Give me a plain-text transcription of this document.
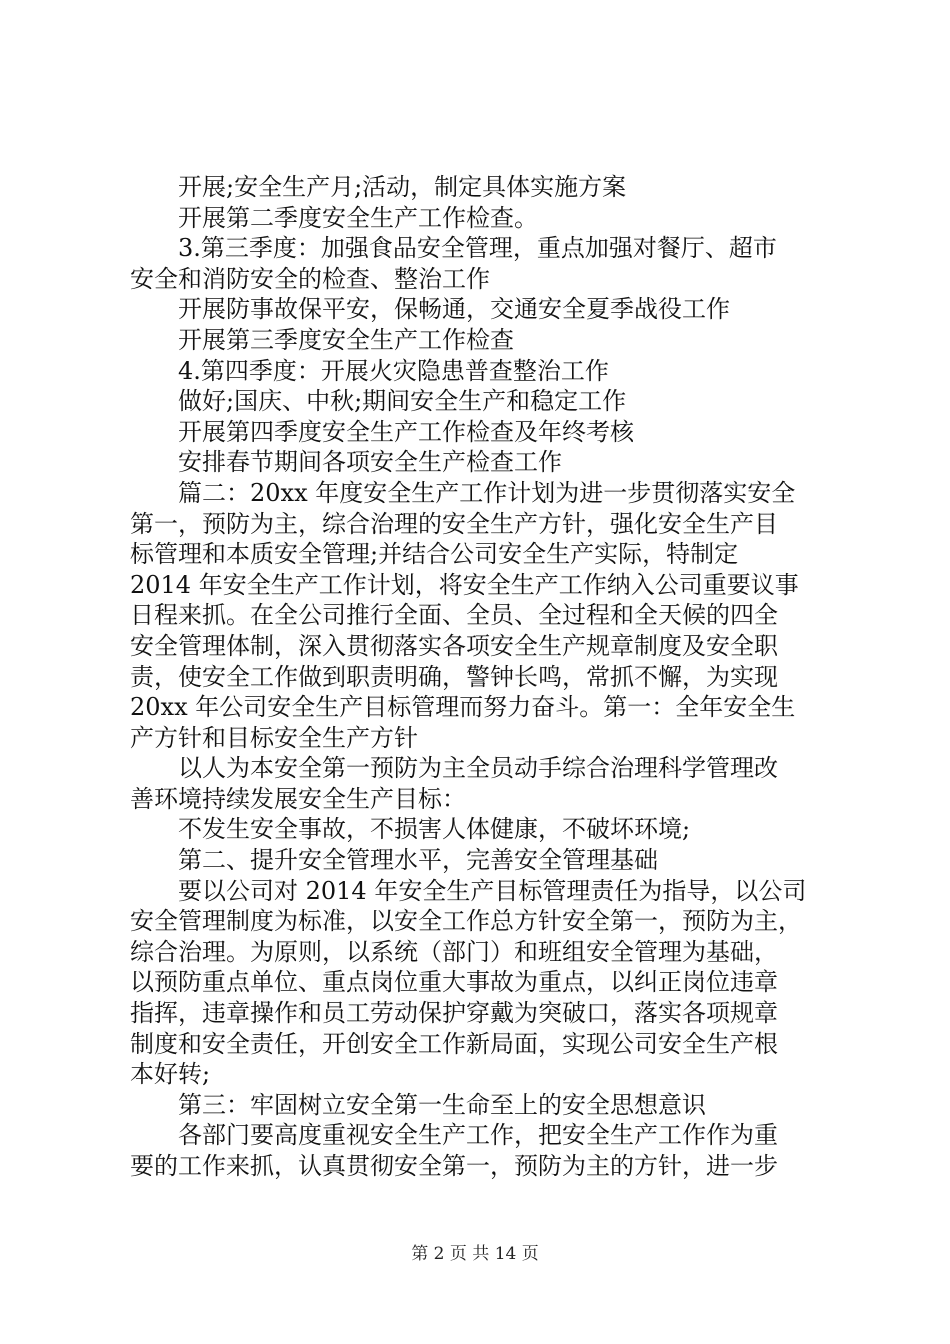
开展;安全生产月;活动，制定具体实施方案
开展第二季度安全生产工作检查。
3.第三季度：加强食品安全管理，重点加强对餐厅、超市
安全和消防安全的检查、整治工作
开展防事故保平安，保畅通，交通安全夏季战役工作
开展第三季度安全生产工作检查
4.第四季度：开展火灾隐患普查整治工作
做好;国庆、中秋;期间安全生产和稳定工作
开展第四季度安全生产工作检查及年终考核
安排春节期间各项安全生产检查工作
篇二：20xx 年度安全生产工作计划为进一步贯彻落实安全
第一，预防为主，综合治理的安全生产方针，强化安全生产目
标管理和本质安全管理;并结合公司安全生产实际，特制定
2014 年安全生产工作计划，将安全生产工作纳入公司重要议事
日程来抓。在全公司推行全面、全员、全过程和全天候的四全
安全管理体制，深入贯彻落实各项安全生产规章制度及安全职
责，使安全工作做到职责明确，警钟长鸣，常抓不懈，为实现
20xx 年公司安全生产目标管理而努力奋斗。第一：全年安全生
产方针和目标安全生产方针
以人为本安全第一预防为主全员动手综合治理科学管理改
善环境持续发展安全生产目标：
不发生安全事故，不损害人体健康，不破坏环境;
第二、提升安全管理水平，完善安全管理基础
要以公司对 2014 年安全生产目标管理责任为指导，以公司
安全管理制度为标准，以安全工作总方针安全第一，预防为主，
综合治理。为原则，以系统（部门）和班组安全管理为基础，
以预防重点单位、重点岗位重大事故为重点，以纠正岗位违章
指挥，违章操作和员工劳动保护穿戴为突破口，落实各项规章
制度和安全责任，开创安全工作新局面，实现公司安全生产根
本好转;
第三：牢固树立安全第一生命至上的安全思想意识
各部门要高度重视安全生产工作，把安全生产工作作为重
要的工作来抓，认真贯彻安全第一，预防为主的方针，进一步
第 2 页 共 14 页
